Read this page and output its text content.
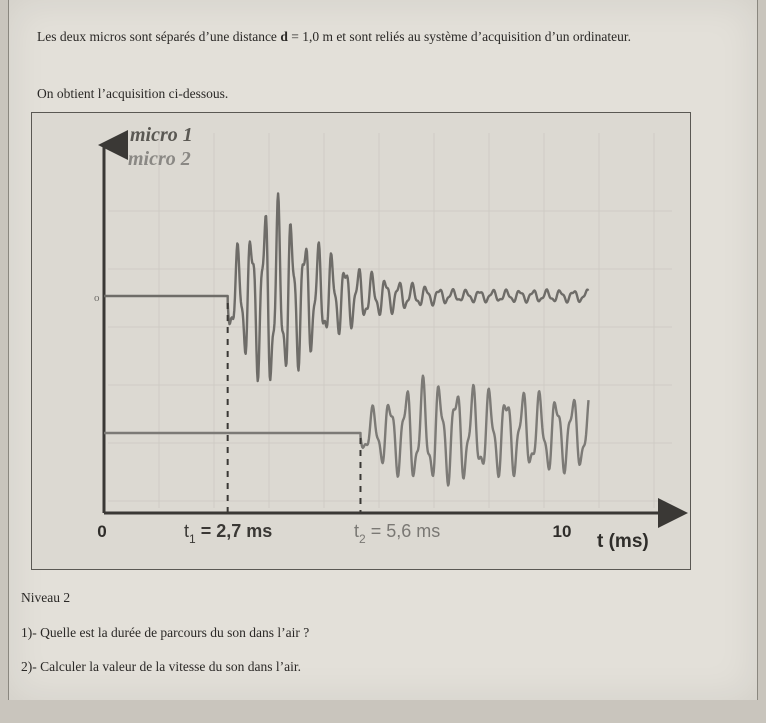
Les deux micros sont séparés d’une distance d = 1,0 m et sont reliés au système d’acquisition d’un ordinateur.
On obtient l’acquisition ci-dessous.
micro 1
micro 2
o
0	10 t (ms)
$t_1 = 2,7$ ms	$t_2 = 5,6$ ms
Niveau 2
1)- Quelle est la durée de parcours du son dans l’air ?
2)- Calculer la valeur de la vitesse du son dans l’air.
